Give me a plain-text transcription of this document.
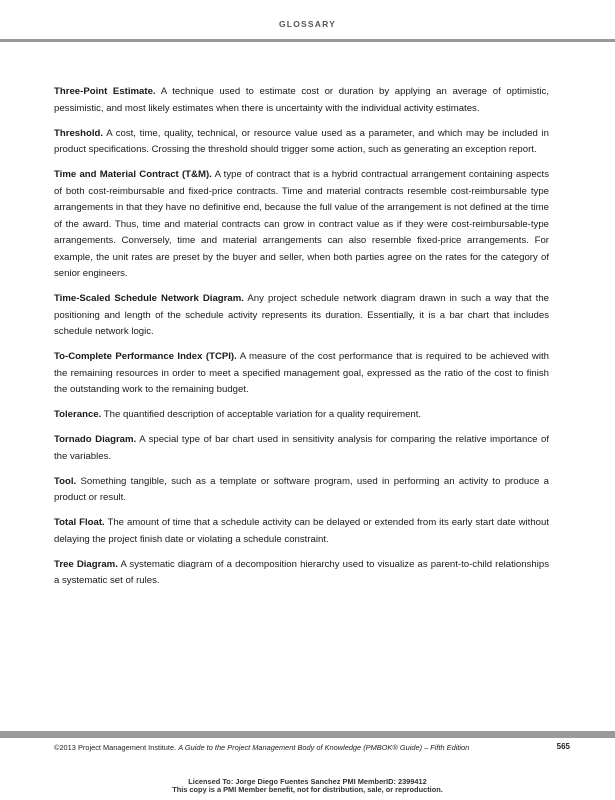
GLOSSARY

Three-Point Estimate. A technique used to estimate cost or duration by applying an average of optimistic, pessimistic, and most likely estimates when there is uncertainty with the individual activity estimates.

Threshold. A cost, time, quality, technical, or resource value used as a parameter, and which may be included in product specifications. Crossing the threshold should trigger some action, such as generating an exception report.

Time and Material Contract (T&M). A type of contract that is a hybrid contractual arrangement containing aspects of both cost-reimbursable and fixed-price contracts. Time and material contracts resemble cost-reimbursable type arrangements in that they have no definitive end, because the full value of the arrangement is not defined at the time of the award. Thus, time and material contracts can grow in contract value as if they were cost-reimbursable-type arrangements. Conversely, time and material arrangements can also resemble fixed-price arrangements. For example, the unit rates are preset by the buyer and seller, when both parties agree on the rates for the category of senior engineers.

Time-Scaled Schedule Network Diagram. Any project schedule network diagram drawn in such a way that the positioning and length of the schedule activity represents its duration. Essentially, it is a bar chart that includes schedule network logic.

To-Complete Performance Index (TCPI). A measure of the cost performance that is required to be achieved with the remaining resources in order to meet a specified management goal, expressed as the ratio of the cost to finish the outstanding work to the remaining budget.

Tolerance. The quantified description of acceptable variation for a quality requirement.

Tornado Diagram. A special type of bar chart used in sensitivity analysis for comparing the relative importance of the variables.

Tool. Something tangible, such as a template or software program, used in performing an activity to produce a product or result.

Total Float. The amount of time that a schedule activity can be delayed or extended from its early start date without delaying the project finish date or violating a schedule constraint.

Tree Diagram. A systematic diagram of a decomposition hierarchy used to visualize as parent-to-child relationships a systematic set of rules.

©2013 Project Management Institute. A Guide to the Project Management Body of Knowledge (PMBOK® Guide) – Fifth Edition	565
Licensed To: Jorge Diego Fuentes Sanchez PMI MemberID: 2399412
This copy is a PMI Member benefit, not for distribution, sale, or reproduction.
